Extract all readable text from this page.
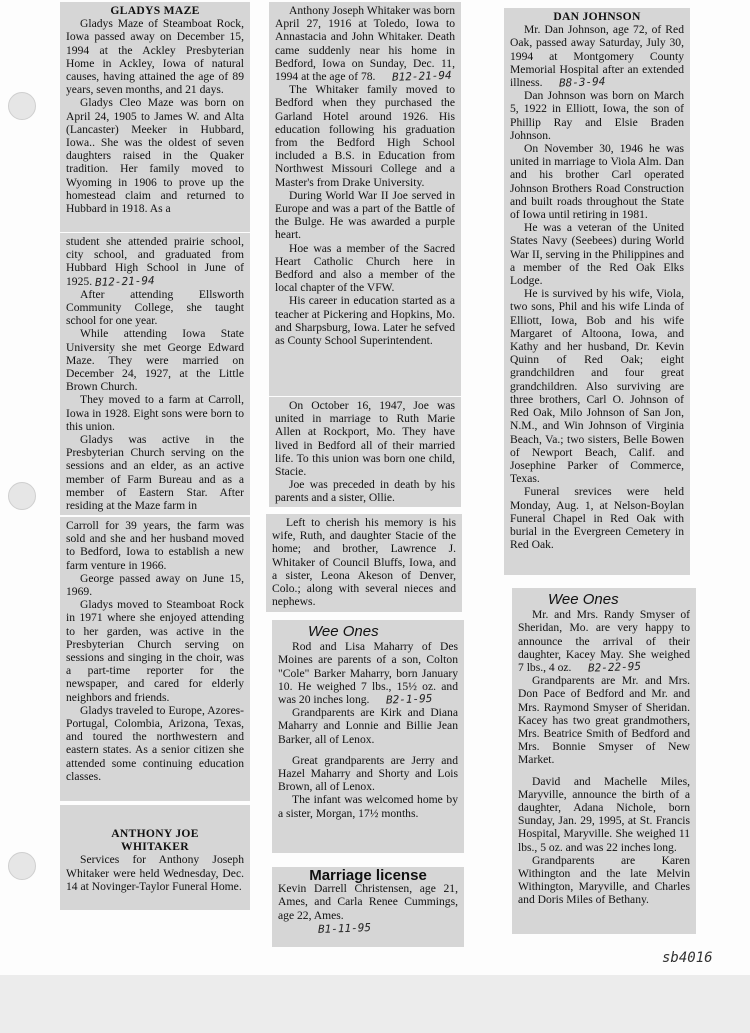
GLADYS MAZE

Gladys Maze of Steamboat Rock, Iowa passed away on December 15, 1994 at the Ackley Presbyterian Home in Ackley, Iowa of natural causes, having attained the age of 89 years, seven months, and 21 days.

Gladys Cleo Maze was born on April 24, 1905 to James W. and Alta (Lancaster) Meeker in Hubbard, Iowa.. She was the oldest of seven daughters raised in the Quaker tradition. Her family moved to Wyoming in 1906 to prove up the homestead claim and returned to Hubbard in 1918. As a

student she attended prairie school, city school, and graduated from Hubbard High School in June of 1925. B12-21-94

After attending Ellsworth Community College, she taught school for one year.

While attending Iowa State University she met George Edward Maze. They were married on December 24, 1927, at the Little Brown Church.

They moved to a farm at Carroll, Iowa in 1928. Eight sons were born to this union.

Gladys was active in the Presbyterian Church serving on the sessions and an elder, as an active member of Farm Bureau and as a member of Eastern Star. After residing at the Maze farm in

Carroll for 39 years, the farm was sold and she and her husband moved to Bedford, Iowa to establish a new farm venture in 1966.

George passed away on June 15, 1969.

Gladys moved to Steamboat Rock in 1971 where she enjoyed attending to her garden, was active in the Presbyterian Church serving on sessions and singing in the choir, was a part-time reporter for the newspaper, and cared for elderly neighbors and friends.

Gladys traveled to Europe, Azores-Portugal, Colombia, Arizona, Texas, and toured the northwestern and eastern states. As a senior citizen she attended some continuing education classes.

ANTHONY JOE
WHITAKER

Services for Anthony Joseph Whitaker were held Wednesday, Dec. 14 at Novinger-Taylor Funeral Home.

Anthony Joseph Whitaker was born April 27, 1916 at Toledo, Iowa to Annastacia and John Whitaker. Death came suddenly near his home in Bedford, Iowa on Sunday, Dec. 11, 1994 at the age of 78. B12-21-94

The Whitaker family moved to Bedford when they purchased the Garland Hotel around 1926. His education following his graduation from the Bedford High School included a B.S. in Education from Northwest Missouri College and a Master's from Drake University.

During World War II Joe served in Europe and was a part of the Battle of the Bulge. He was awarded a purple heart.

Hoe was a member of the Sacred Heart Catholic Church here in Bedford and also a member of the local chapter of the VFW.

His career in education started as a teacher at Pickering and Hopkins, Mo. and Sharpsburg, Iowa. Later he sefved as County School Superintendent.

On October 16, 1947, Joe was united in marriage to Ruth Marie Allen at Rockport, Mo. They have lived in Bedford all of their married life. To this union was born one child, Stacie.

Joe was preceded in death by his parents and a sister, Ollie.

Left to cherish his memory is his wife, Ruth, and daughter Stacie of the home; and brother, Lawrence J. Whitaker of Council Bluffs, Iowa, and a sister, Leona Akeson of Denver, Colo.; along with several nieces and nephews.

Wee Ones

Rod and Lisa Maharry of Des Moines are parents of a son, Colton "Cole" Barker Maharry, born January 10. He weighed 7 lbs., 15½ oz. and was 20 inches long. B2-1-95

Grandparents are Kirk and Diana Maharry and Lonnie and Billie Jean Barker, all of Lenox.

Great grandparents are Jerry and Hazel Maharry and Shorty and Lois Brown, all of Lenox.

The infant was welcomed home by a sister, Morgan, 17½ months.

Marriage license

Kevin Darrell Christensen, age 21, Ames, and Carla Renee Cummings, age 22, Ames.

B1-11-95
DAN JOHNSON

Mr. Dan Johnson, age 72, of Red Oak, passed away Saturday, July 30, 1994 at Montgomery County Memorial Hospital after an extended illness. B8-3-94

Dan Johnson was born on March 5, 1922 in Elliott, Iowa, the son of Phillip Ray and Elsie Braden Johnson.

On November 30, 1946 he was united in marriage to Viola Alm. Dan and his brother Carl operated Johnson Brothers Road Construction and built roads throughout the State of Iowa until retiring in 1981.

He was a veteran of the United States Navy (Seebees) during World War II, serving in the Philippines and a member of the Red Oak Elks Lodge.

He is survived by his wife, Viola, two sons, Phil and his wife Linda of Elliott, Iowa, Bob and his wife Margaret of Altoona, Iowa, and Kathy and her husband, Dr. Kevin Quinn of Red Oak; eight grandchildren and four great grandchildren. Also surviving are three brothers, Carl O. Johnson of Red Oak, Milo Johnson of San Jon, N.M., and Win Johnson of Virginia Beach, Va.; two sisters, Belle Bowen of Newport Beach, Calif. and Josephine Parker of Commerce, Texas.

Funeral srevices were held Monday, Aug. 1, at Nelson-Boylan Funeral Chapel in Red Oak with burial in the Evergreen Cemetery in Red Oak.

Wee Ones

Mr. and Mrs. Randy Smyser of Sheridan, Mo. are very happy to announce the arrival of their daughter, Kacey May. She weighed 7 lbs., 4 oz. B2-22-95

Grandparents are Mr. and Mrs. Don Pace of Bedford and Mr. and Mrs. Raymond Smyser of Sheridan. Kacey has two great grandmothers, Mrs. Beatrice Smith of Bedford and Mrs. Bonnie Smyser of New Market.

David and Machelle Miles, Maryville, announce the birth of a daughter, Adana Nichole, born Sunday, Jan. 29, 1995, at St. Francis Hospital, Maryville. She weighed 11 lbs., 5 oz. and was 22 inches long.

Grandparents are Karen Withington and the late Melvin Withington, Maryville, and Charles and Doris Miles of Bethany.

sb4016
